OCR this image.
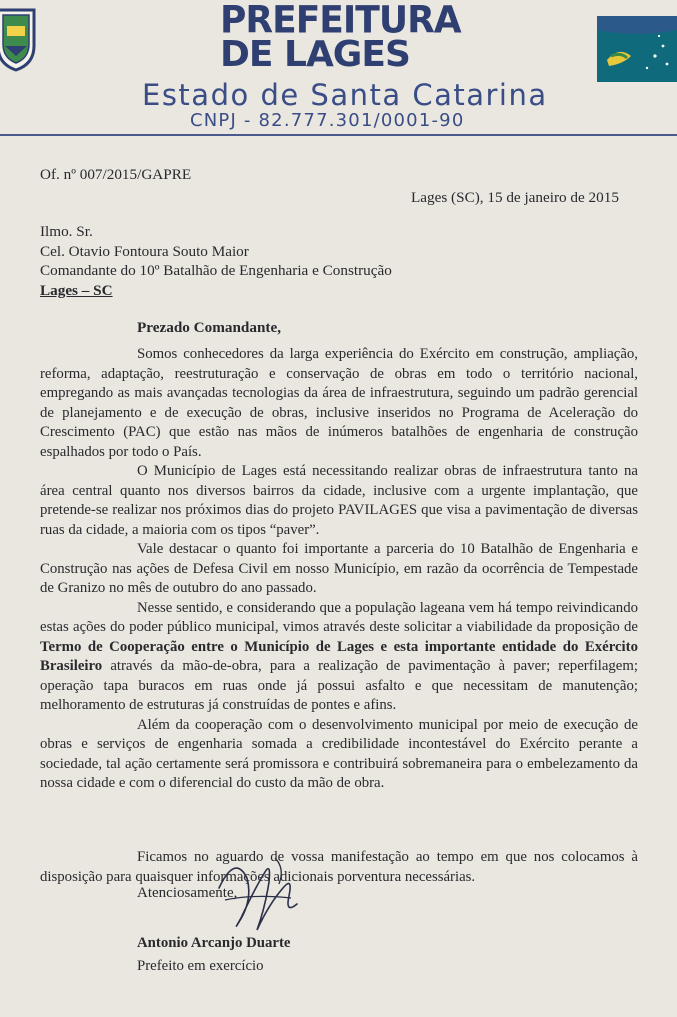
PREFEITURA
DE LAGES
Estado de Santa Catarina
CNPJ - 82.777.301/0001-90
Of. nº 007/2015/GAPRE
Lages (SC), 15 de janeiro de 2015
Ilmo. Sr.
Cel. Otavio Fontoura Souto Maior
Comandante do 10º Batalhão de Engenharia e Construção
Lages – SC
Prezado Comandante,

Somos conhecedores da larga experiência do Exército em construção, ampliação, reforma, adaptação, reestruturação e conservação de obras em todo o território nacional, empregando as mais avançadas tecnologias da área de infraestrutura, seguindo um padrão gerencial de planejamento e de execução de obras, inclusive inseridos no Programa de Aceleração do Crescimento (PAC) que estão nas mãos de inúmeros batalhões de engenharia de construção espalhados por todo o País.

O Município de Lages está necessitando realizar obras de infraestrutura tanto na área central quanto nos diversos bairros da cidade, inclusive com a urgente implantação, que pretende-se realizar nos próximos dias do projeto PAVILAGES que visa a pavimentação de diversas ruas da cidade, a maioria com os tipos “paver”.

Vale destacar o quanto foi importante a parceria do 10 Batalhão de Engenharia e Construção nas ações de Defesa Civil em nosso Município, em razão da ocorrência de Tempestade de Granizo no mês de outubro do ano passado.

Nesse sentido, e considerando que a população lageana vem há tempo reivindicando estas ações do poder público municipal, vimos através deste solicitar a viabilidade da proposição de Termo de Cooperação entre o Município de Lages e esta importante entidade do Exército Brasileiro através da mão-de-obra, para a realização de pavimentação à paver; reperfilagem; operação tapa buracos em ruas onde já possui asfalto e que necessitam de manutenção; melhoramento de estruturas já construídas de pontes e afins.

Além da cooperação com o desenvolvimento municipal por meio de execução de obras e serviços de engenharia somada a credibilidade incontestável do Exército perante a sociedade, tal ação certamente será promissora e contribuirá sobremaneira para o embelezamento da nossa cidade e com o diferencial do custo da mão de obra.

Ficamos no aguardo de vossa manifestação ao tempo em que nos colocamos à disposição para quaisquer informações adicionais porventura necessárias.

Atenciosamente,
Antonio Arcanjo Duarte
Prefeito em exercício
